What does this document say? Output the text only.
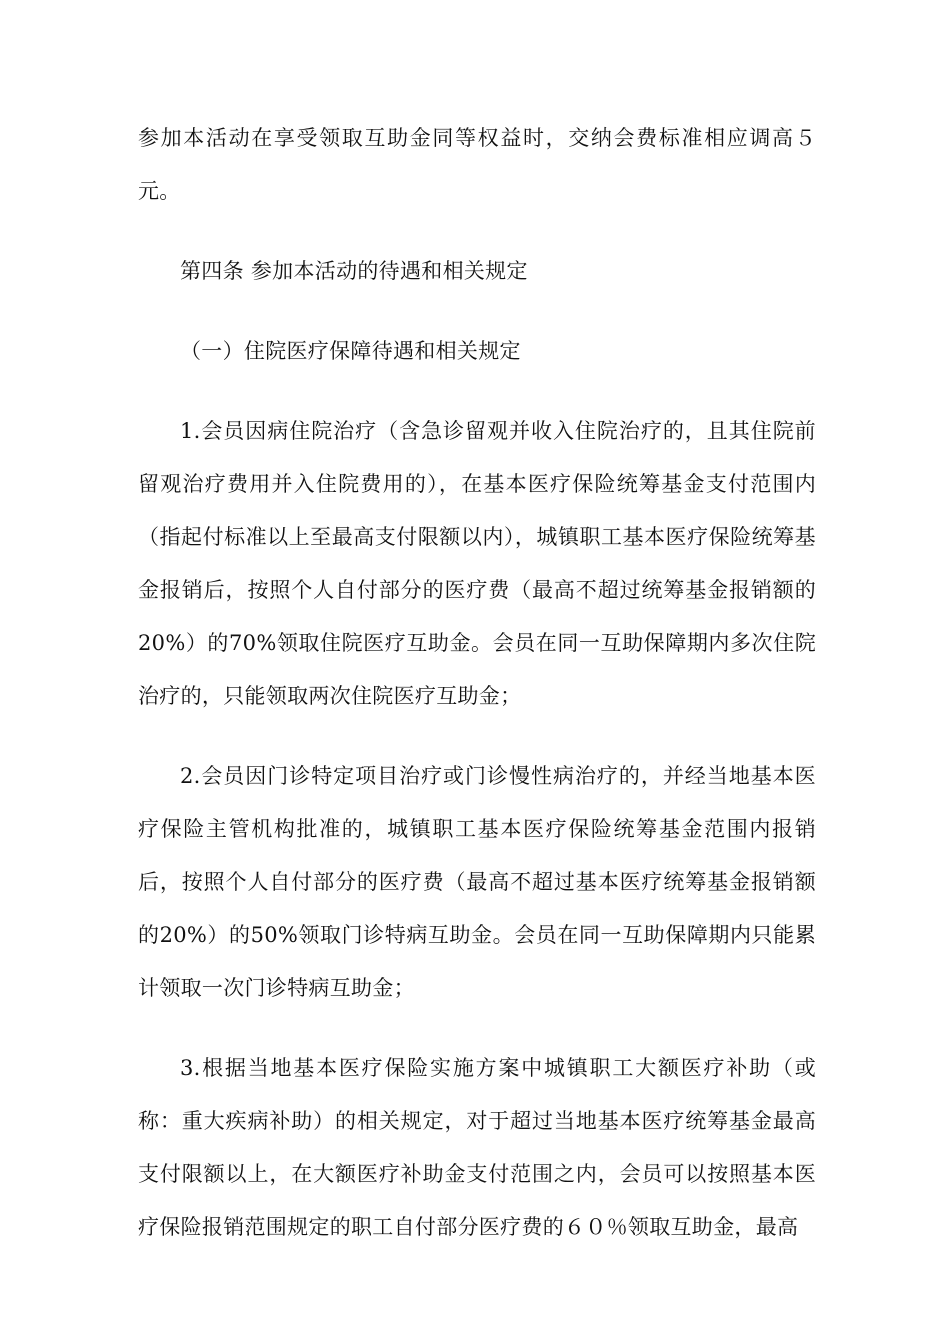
参加本活动在享受领取互助金同等权益时，交纳会费标准相应调高５元。

第四条 参加本活动的待遇和相关规定

（一）住院医疗保障待遇和相关规定

1.会员因病住院治疗（含急诊留观并收入住院治疗的，且其住院前留观治疗费用并入住院费用的），在基本医疗保险统筹基金支付范围内（指起付标准以上至最高支付限额以内），城镇职工基本医疗保险统筹基金报销后，按照个人自付部分的医疗费（最高不超过统筹基金报销额的20%）的70%领取住院医疗互助金。会员在同一互助保障期内多次住院治疗的，只能领取两次住院医疗互助金；

2.会员因门诊特定项目治疗或门诊慢性病治疗的，并经当地基本医疗保险主管机构批准的，城镇职工基本医疗保险统筹基金范围内报销后，按照个人自付部分的医疗费（最高不超过基本医疗统筹基金报销额的20%）的50%领取门诊特病互助金。会员在同一互助保障期内只能累计领取一次门诊特病互助金；

3.根据当地基本医疗保险实施方案中城镇职工大额医疗补助（或称：重大疾病补助）的相关规定，对于超过当地基本医疗统筹基金最高支付限额以上，在大额医疗补助金支付范围之内，会员可以按照基本医疗保险报销范围规定的职工自付部分医疗费的６０％领取互助金，最高
